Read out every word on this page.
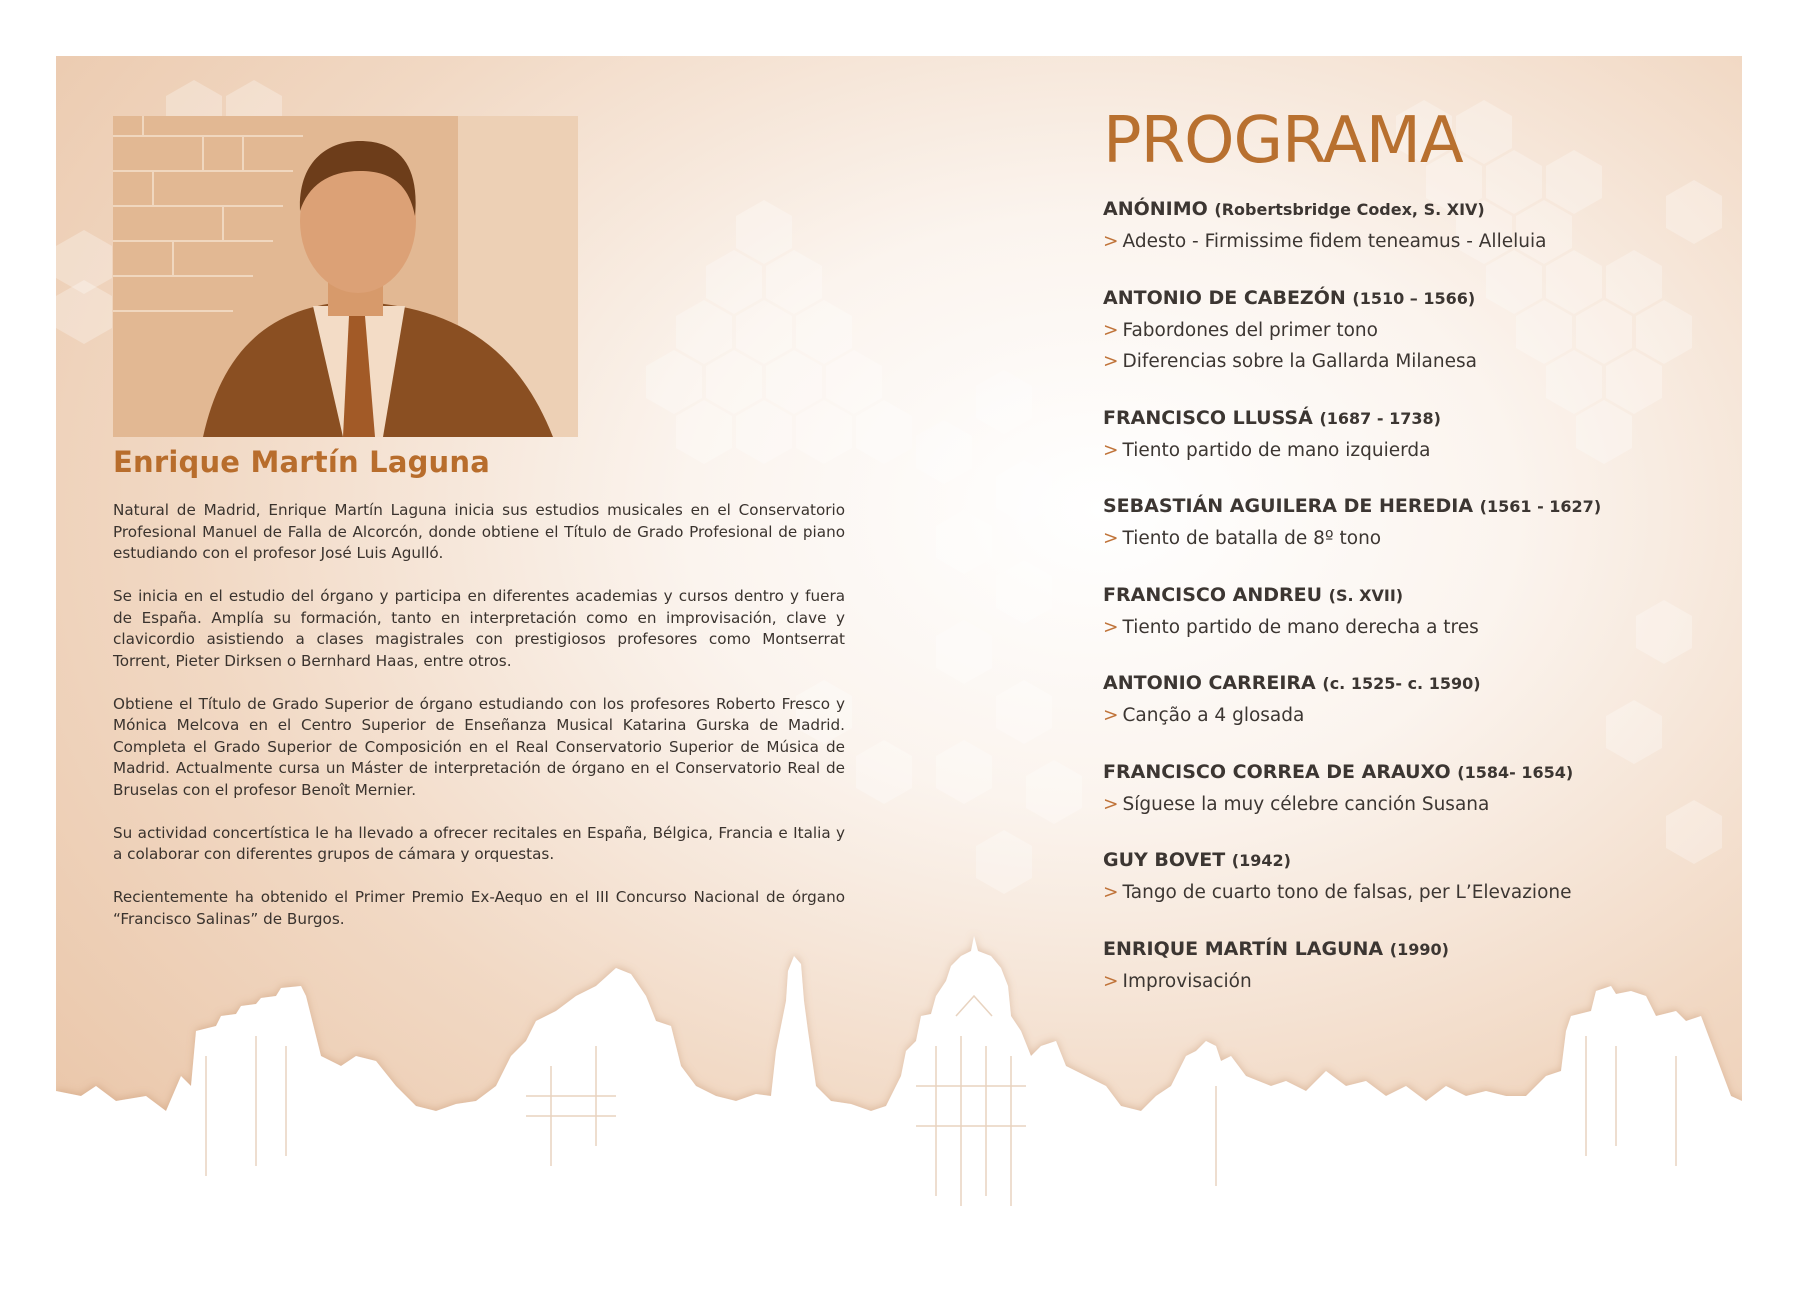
Enrique Martín Laguna

Natural de Madrid, Enrique Martín Laguna inicia sus estudios musicales en el Conservatorio Profesional Manuel de Falla de Alcorcón, donde obtiene el Título de Grado Profesional de piano estudiando con el profesor José Luis Agulló.

Se inicia en el estudio del órgano y participa en diferentes academias y cursos dentro y fuera de España. Amplía su formación, tanto en interpretación como en improvisación, clave y clavicordio asistiendo a clases magistrales con prestigiosos profesores como Montserrat Torrent, Pieter Dirksen o Bernhard Haas, entre otros.

Obtiene el Título de Grado Superior de órgano estudiando con los profesores Roberto Fresco y Mónica Melcova en el Centro Superior de Enseñanza Musical Katarina Gurska de Madrid. Completa el Grado Superior de Composición en el Real Conservatorio Superior de Música de Madrid. Actualmente cursa un Máster de interpretación de órgano en el Conservatorio Real de Bruselas con el profesor Benoît Mernier.

Su actividad concertística le ha llevado a ofrecer recitales en España, Bélgica, Francia e Italia y a colaborar con diferentes grupos de cámara y orquestas.

Recientemente ha obtenido el Primer Premio Ex-Aequo en el III Concurso Nacional de órgano “Francisco Salinas” de Burgos.

PROGRAMA
ANÓNIMO (Robertsbridge Codex, S. XIV)
> Adesto - Firmissime fidem teneamus - Alleluia
ANTONIO DE CABEZÓN (1510 – 1566)
> Fabordones del primer tono
> Diferencias sobre la Gallarda Milanesa
FRANCISCO LLUSSÁ (1687 - 1738)
> Tiento partido de mano izquierda
SEBASTIÁN AGUILERA DE HEREDIA (1561 - 1627)
> Tiento de batalla de 8º tono
FRANCISCO ANDREU (S. XVII)
> Tiento partido de mano derecha a tres
ANTONIO CARREIRA (c. 1525- c. 1590)
> Canção a 4 glosada
FRANCISCO CORREA DE ARAUXO (1584- 1654)
> Síguese la muy célebre canción Susana
GUY BOVET (1942)
> Tango de cuarto tono de falsas, per L’Elevazione
ENRIQUE MARTÍN LAGUNA (1990)
> Improvisación
